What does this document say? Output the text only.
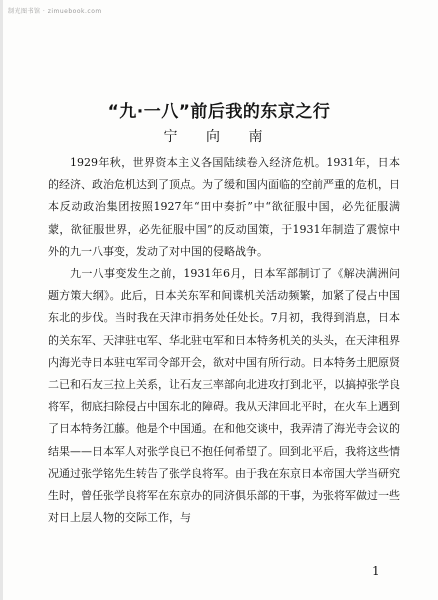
制光图书馆 · zimuebook.com
“九·一八”前后我的东京之行
宁 向 南

1929年秋，世界资本主义各国陆续卷入经济危机。1931年，日本的经济、政治危机达到了顶点。为了缓和国内面临的空前严重的危机，日本反动政治集团按照1927年“田中奏折”中“欲征服中国，必先征服满蒙，欲征服世界，必先征服中国”的反动国策，于1931年制造了震惊中外的九一八事变，发动了对中国的侵略战争。

九一八事变发生之前，1931年6月，日本军部制订了《解决满洲问题方策大纲》。此后，日本关东军和间谍机关活动频繁，加紧了侵占中国东北的步伐。当时我在天津市捐务处任处长。7月初，我得到消息，日本的关东军、天津驻屯军、华北驻屯军和日本特务机关的头头，在天津租界内海光寺日本驻屯军司令部开会，欲对中国有所行动。日本特务土肥原贤二已和石友三拉上关系，让石友三率部向北进攻打到北平，以搞掉张学良将军，彻底扫除侵占中国东北的障碍。我从天津回北平时，在火车上遇到了日本特务江藤。他是个中国通。在和他交谈中，我弄清了海光寺会议的结果——日本军人对张学良已不抱任何希望了。回到北平后，我将这些情况通过张学铭先生转告了张学良将军。由于我在东京日本帝国大学当研究生时，曾任张学良将军在东京办的同济俱乐部的干事，为张将军做过一些对日上层人物的交际工作，与

1
